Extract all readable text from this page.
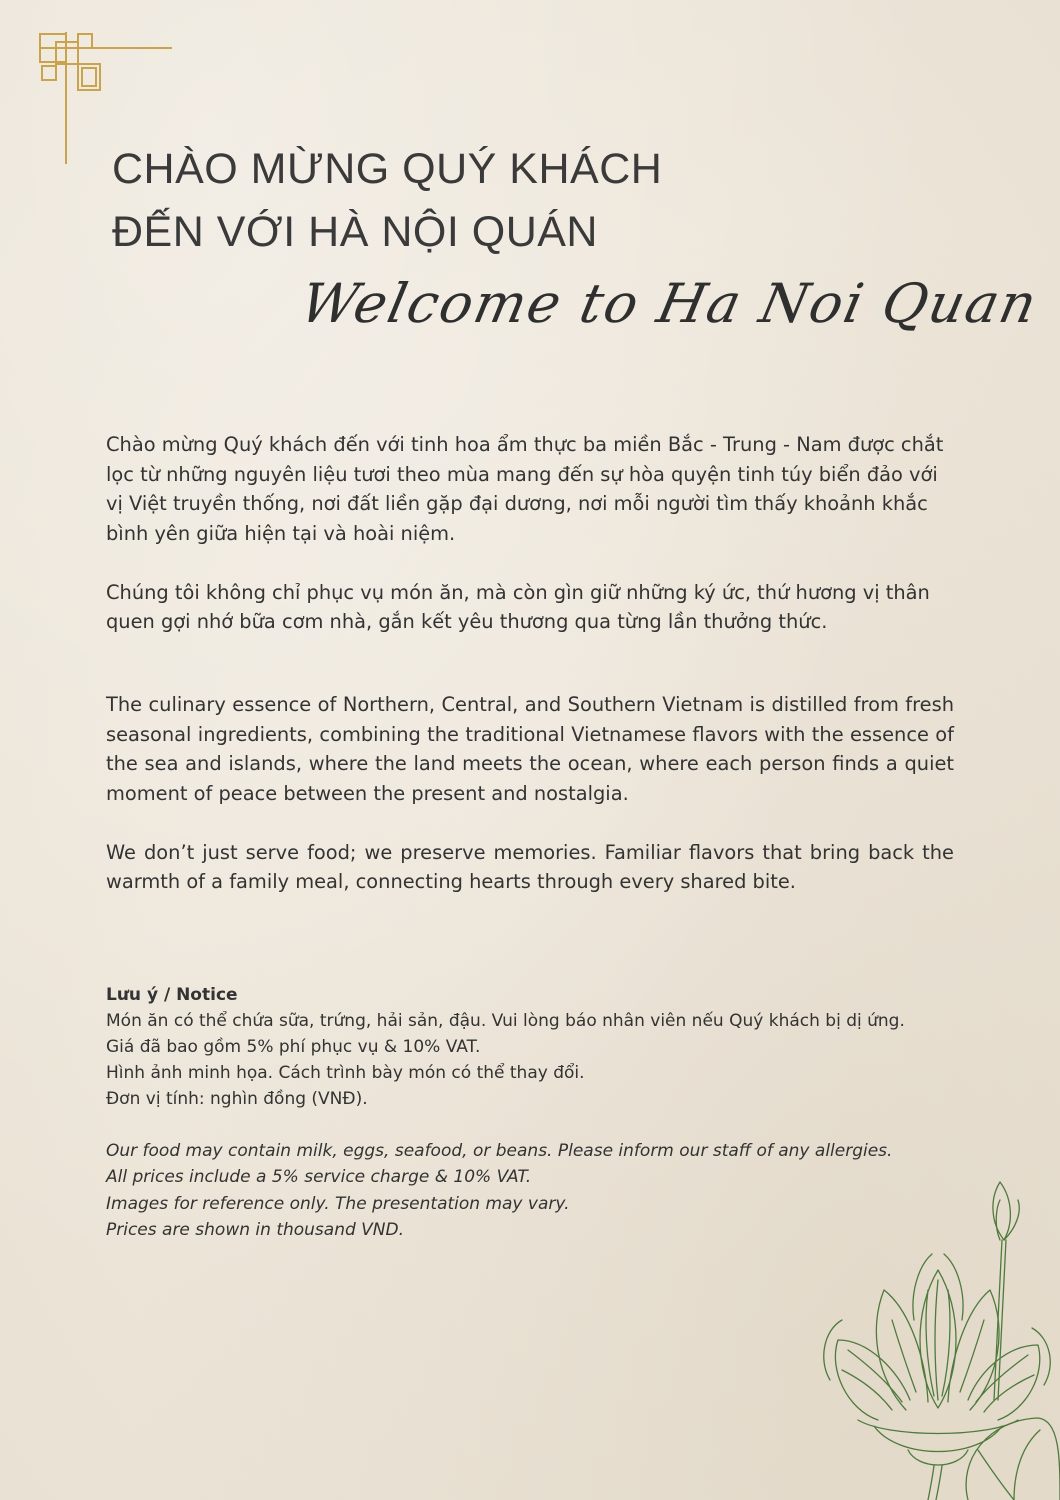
CHÀO MỪNG QUÝ KHÁCH
ĐẾN VỚI HÀ NỘI QUÁN
Welcome to Ha Noi Quan

Chào mừng Quý khách đến với tinh hoa ẩm thực ba miền Bắc - Trung - Nam được chắt lọc từ những nguyên liệu tươi theo mùa mang đến sự hòa quyện tinh túy biển đảo với vị Việt truyền thống, nơi đất liền gặp đại dương, nơi mỗi người tìm thấy khoảnh khắc bình yên giữa hiện tại và hoài niệm.

Chúng tôi không chỉ phục vụ món ăn, mà còn gìn giữ những ký ức, thứ hương vị thân quen gợi nhớ bữa cơm nhà, gắn kết yêu thương qua từng lần thưởng thức.

The culinary essence of Northern, Central, and Southern Vietnam is distilled from fresh seasonal ingredients, combining the traditional Vietnamese flavors with the essence of the sea and islands, where the land meets the ocean, where each person finds a quiet moment of peace between the present and nostalgia.

We don’t just serve food; we preserve memories. Familiar flavors that bring back the warmth of a family meal, connecting hearts through every shared bite.

Lưu ý / Notice
Món ăn có thể chứa sữa, trứng, hải sản, đậu. Vui lòng báo nhân viên nếu Quý khách bị dị ứng.
Giá đã bao gồm 5% phí phục vụ & 10% VAT.
Hình ảnh minh họa. Cách trình bày món có thể thay đổi.
Đơn vị tính: nghìn đồng (VNĐ).
Our food may contain milk, eggs, seafood, or beans. Please inform our staff of any allergies.
All prices include a 5% service charge & 10% VAT.
Images for reference only. The presentation may vary.
Prices are shown in thousand VND.
